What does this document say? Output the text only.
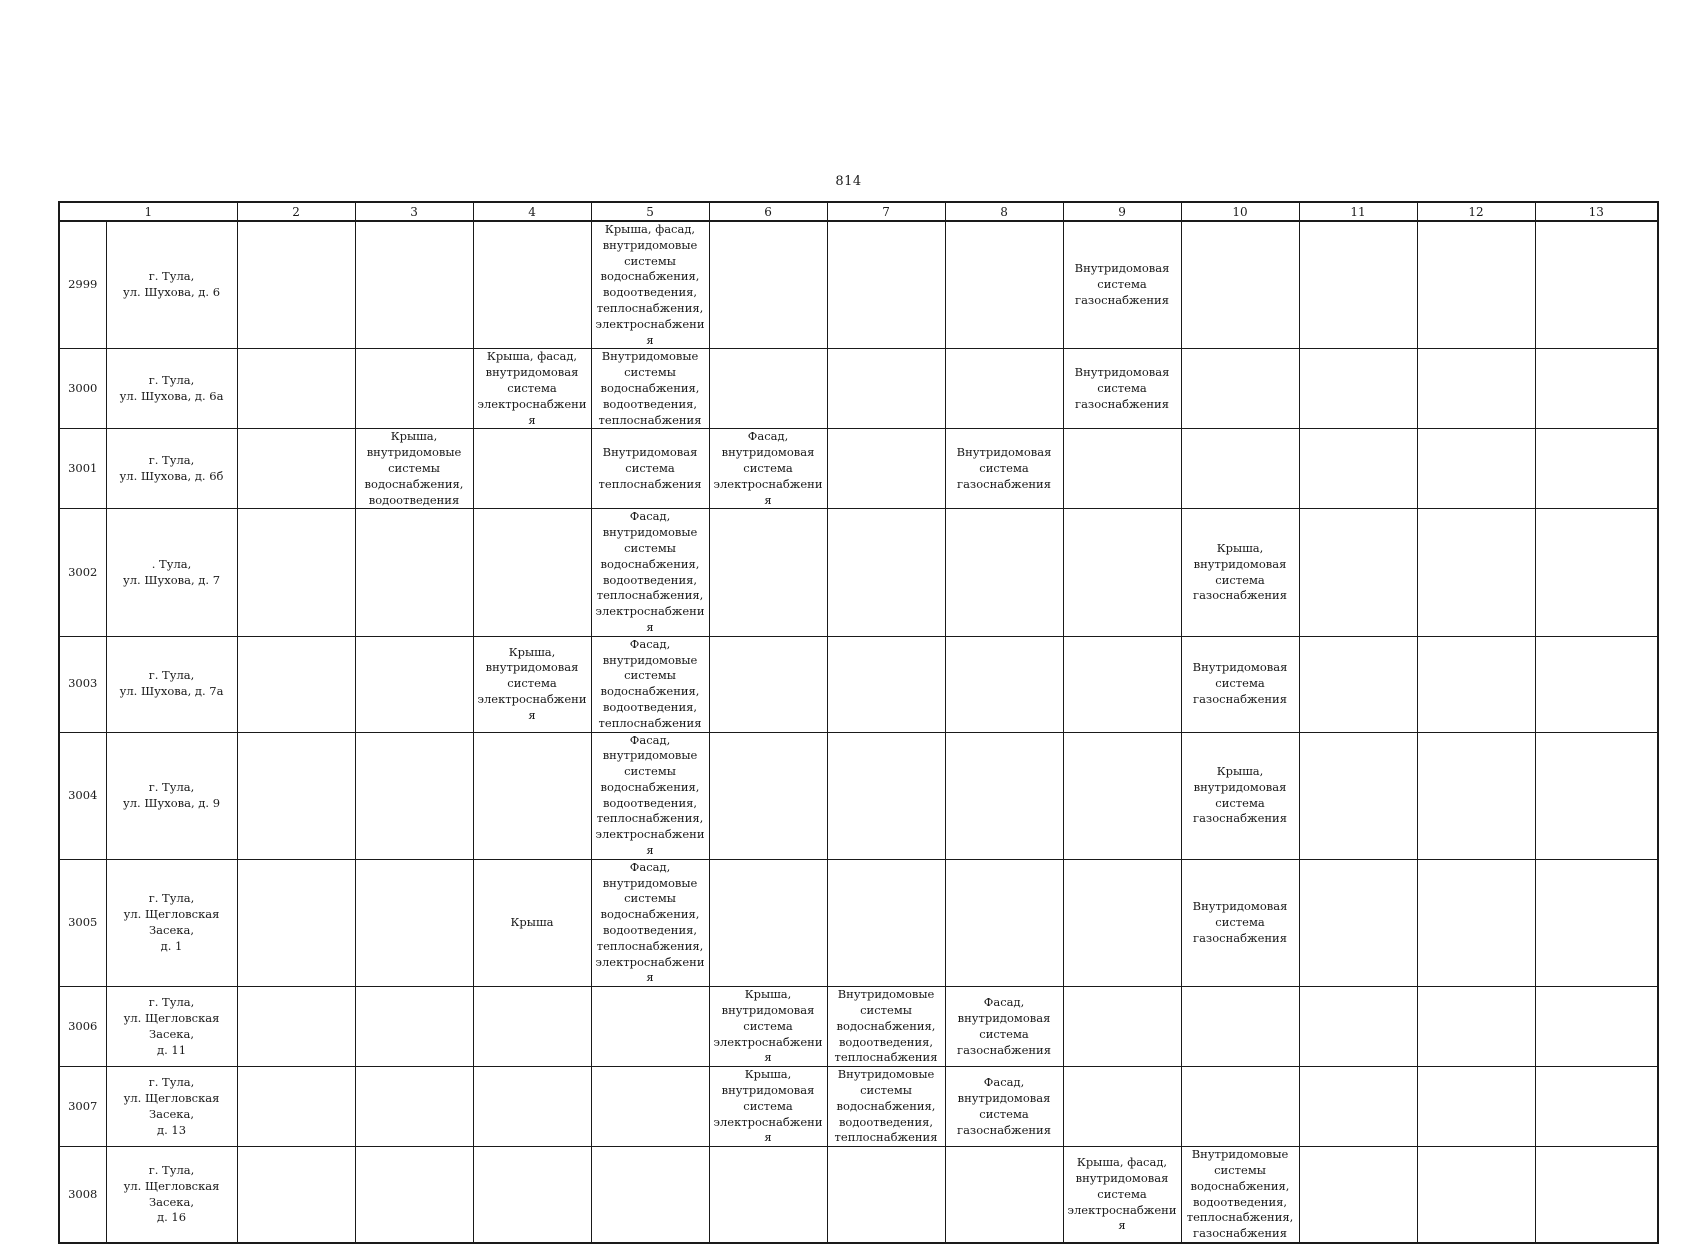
814
1		2	3	4	5	6	7	8	9	10	11	12	13
2999	г. Тула,
ул. Шухова, д. 6				Крыша, фасад, внутридомовые системы водоснабжения, водоотведения, теплоснабжения, электроснабжения				Внутридомовая система газоснабжения				
3000	г. Тула,
ул. Шухова, д. 6а			Крыша, фасад, внутридомовая система электроснабжения	Внутридомовые системы водоснабжения, водоотведения, теплоснабжения				Внутридомовая система газоснабжения				
3001	г. Тула,
ул. Шухова, д. 6б		Крыша, внутридомовые системы водоснабжения, водоотведения		Внутридомовая система теплоснабжения	Фасад, внутридомовая система электроснабжения		Внутридомовая система газоснабжения					
3002	. Тула,
ул. Шухова, д. 7				Фасад, внутридомовые системы водоснабжения, водоотведения, теплоснабжения, электроснабжения					Крыша, внутридомовая система газоснабжения			
3003	г. Тула,
ул. Шухова, д. 7а			Крыша, внутридомовая система электроснабжения	Фасад, внутридомовые системы водоснабжения, водоотведения, теплоснабжения					Внутридомовая система газоснабжения			
3004	г. Тула,
ул. Шухова, д. 9				Фасад, внутридомовые системы водоснабжения, водоотведения, теплоснабжения, электроснабжения					Крыша, внутридомовая система газоснабжения			
3005	г. Тула,
ул. Щегловская Засека,
д. 1			Крыша	Фасад, внутридомовые системы водоснабжения, водоотведения, теплоснабжения, электроснабжения					Внутридомовая система газоснабжения			
3006	г. Тула,
ул. Щегловская Засека,
д. 11					Крыша, внутридомовая система электроснабжения	Внутридомовые системы водоснабжения, водоотведения, теплоснабжения	Фасад, внутридомовая система газоснабжения					
3007	г. Тула,
ул. Щегловская Засека,
д. 13					Крыша, внутридомовая система электроснабжения	Внутридомовые системы водоснабжения, водоотведения, теплоснабжения	Фасад, внутридомовая система газоснабжения					
3008	г. Тула,
ул. Щегловская Засека,
д. 16								Крыша, фасад, внутридомовая система электроснабжения	Внутридомовые системы водоснабжения, водоотведения, теплоснабжения, газоснабжения			
